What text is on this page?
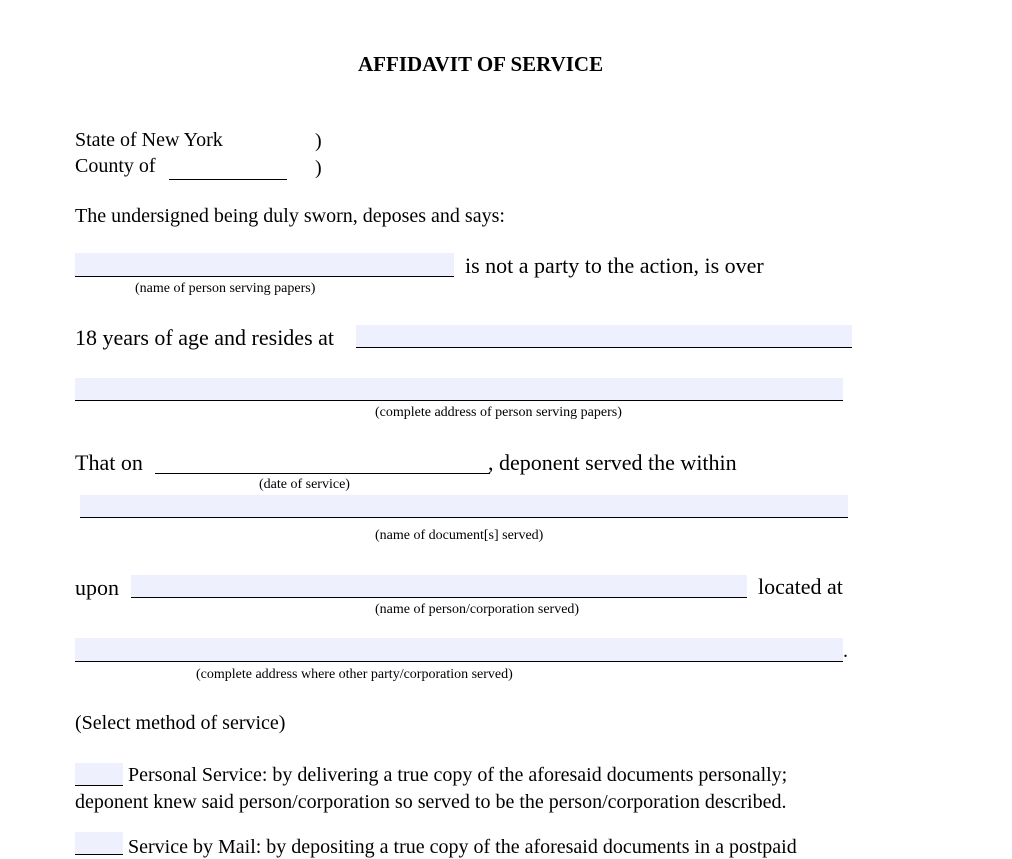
AFFIDAVIT OF SERVICE
State of New York	)
County of	)
The undersigned being duly sworn, deposes and says:
is not a party to the action, is over
(name of person serving papers)
18 years of age and resides at
(complete address of person serving papers)
That on	, deponent served the within
(date of service)
(name of document[s] served)
upon	located at
(name of person/corporation served)
.
(complete address where other party/corporation served)
(Select method of service)
Personal Service: by delivering a true copy of the aforesaid documents personally;
deponent knew said person/corporation so served to be the person/corporation described.
Service by Mail: by depositing a true copy of the aforesaid documents in a postpaid
